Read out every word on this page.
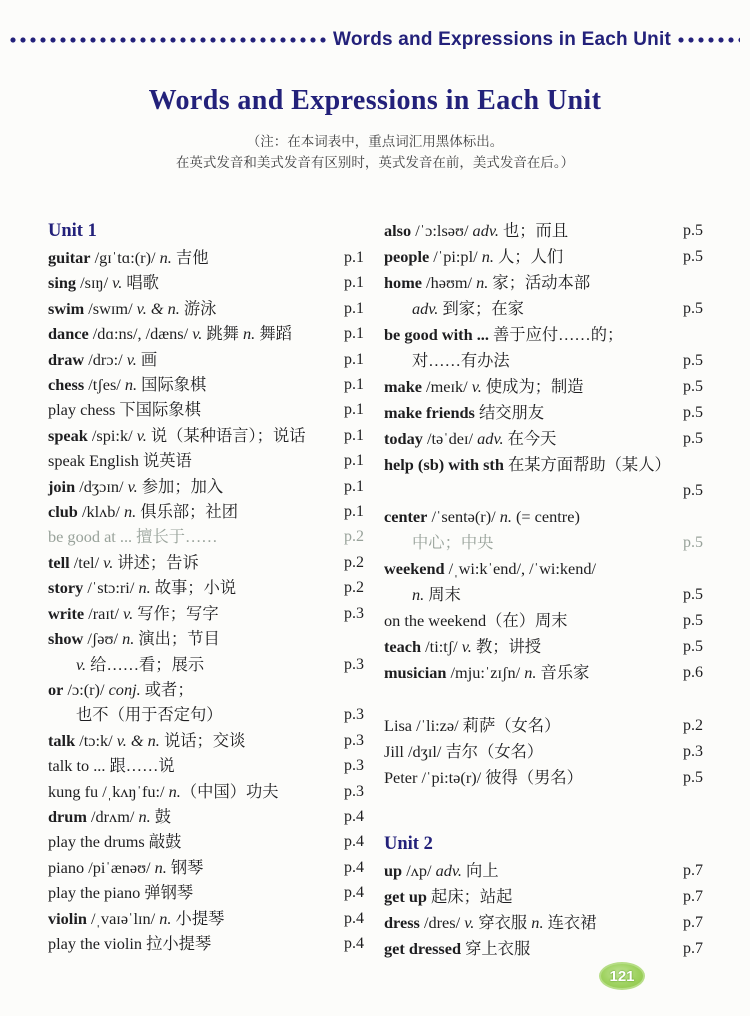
Words and Expressions in Each Unit
Words and Expressions in Each Unit
（注：在本词表中，重点词汇用黑体标出。
在英式发音和美式发音有区别时，英式发音在前，美式发音在后。）
Unit 1
guitar /gɪˈtɑ:(r)/ n. 吉他	p.1
sing /sɪŋ/ v. 唱歌	p.1
swim /swɪm/ v. & n. 游泳	p.1
dance /dɑ:ns/, /dæns/ v. 跳舞 n. 舞蹈	p.1
draw /drɔ:/ v. 画	p.1
chess /tʃes/ n. 国际象棋	p.1
play chess 下国际象棋	p.1
speak /spi:k/ v. 说（某种语言）；说话	p.1
speak English 说英语	p.1
join /dʒɔɪn/ v. 参加；加入	p.1
club /klʌb/ n. 俱乐部；社团	p.1
be good at ... 擅长于……	p.2
tell /tel/ v. 讲述；告诉	p.2
story /ˈstɔ:ri/ n. 故事；小说	p.2
write /raɪt/ v. 写作；写字	p.3
show /ʃəʊ/ n. 演出；节目
v. 给……看；展示	p.3
or /ɔ:(r)/ conj. 或者；
也不（用于否定句）	p.3
talk /tɔ:k/ v. & n. 说话；交谈	p.3
talk to ... 跟……说	p.3
kung fu /ˌkʌŋˈfu:/ n.（中国）功夫	p.3
drum /drʌm/ n. 鼓	p.4
play the drums 敲鼓	p.4
piano /piˈænəʊ/ n. 钢琴	p.4
play the piano 弹钢琴	p.4
violin /ˌvaɪəˈlɪn/ n. 小提琴	p.4
play the violin 拉小提琴	p.4
also /ˈɔ:lsəʊ/ adv. 也；而且	p.5
people /ˈpi:pl/ n. 人；人们	p.5
home /həʊm/ n. 家；活动本部
adv. 到家；在家	p.5
be good with ... 善于应付……的；
对……有办法	p.5
make /meɪk/ v. 使成为；制造	p.5
make friends 结交朋友	p.5
today /təˈdeɪ/ adv. 在今天	p.5
help (sb) with sth 在某方面帮助（某人）
p.5
center /ˈsentə(r)/ n. (= centre)
中心；中央	p.5
weekend /ˌwi:kˈend/, /ˈwi:kend/
n. 周末	p.5
on the weekend（在）周末	p.5
teach /ti:tʃ/ v. 教；讲授	p.5
musician /mju:ˈzɪʃn/ n. 音乐家	p.6
Lisa /ˈli:zə/ 莉萨（女名）	p.2
Jill /dʒɪl/ 吉尔（女名）	p.3
Peter /ˈpi:tə(r)/ 彼得（男名）	p.5
Unit 2
up /ʌp/ adv. 向上	p.7
get up 起床；站起	p.7
dress /dres/ v. 穿衣服 n. 连衣裙	p.7
get dressed 穿上衣服	p.7
121
